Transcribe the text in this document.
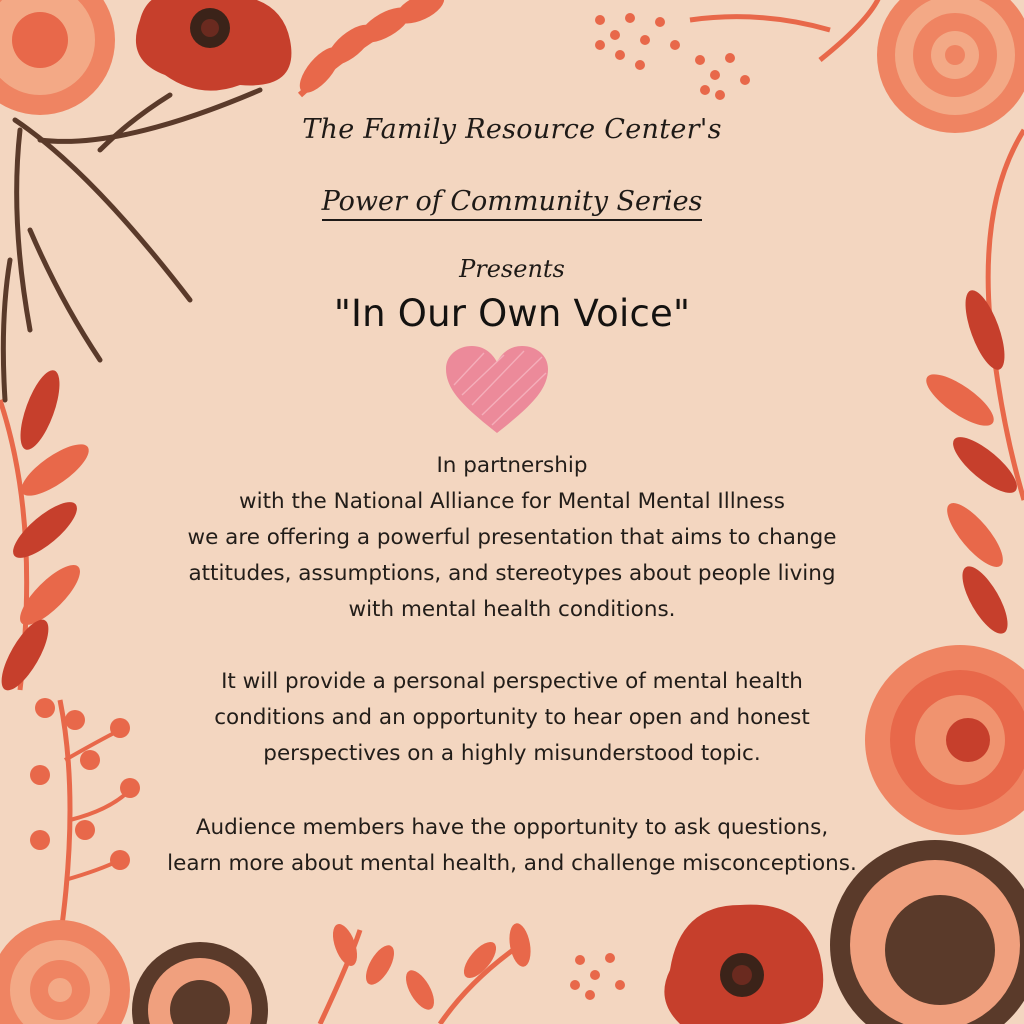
The Family Resource Center's
Power of Community Series
Presents
"In Our Own Voice"
In partnership
with the National Alliance for Mental Mental Illness
we are offering a powerful presentation that aims to change
attitudes, assumptions, and stereotypes about people living
with mental health conditions.
It will provide a personal perspective of mental health
conditions and an opportunity to hear open and honest
perspectives on a highly misunderstood topic.
Audience members have the opportunity to ask questions,
learn more about mental health, and challenge misconceptions.
